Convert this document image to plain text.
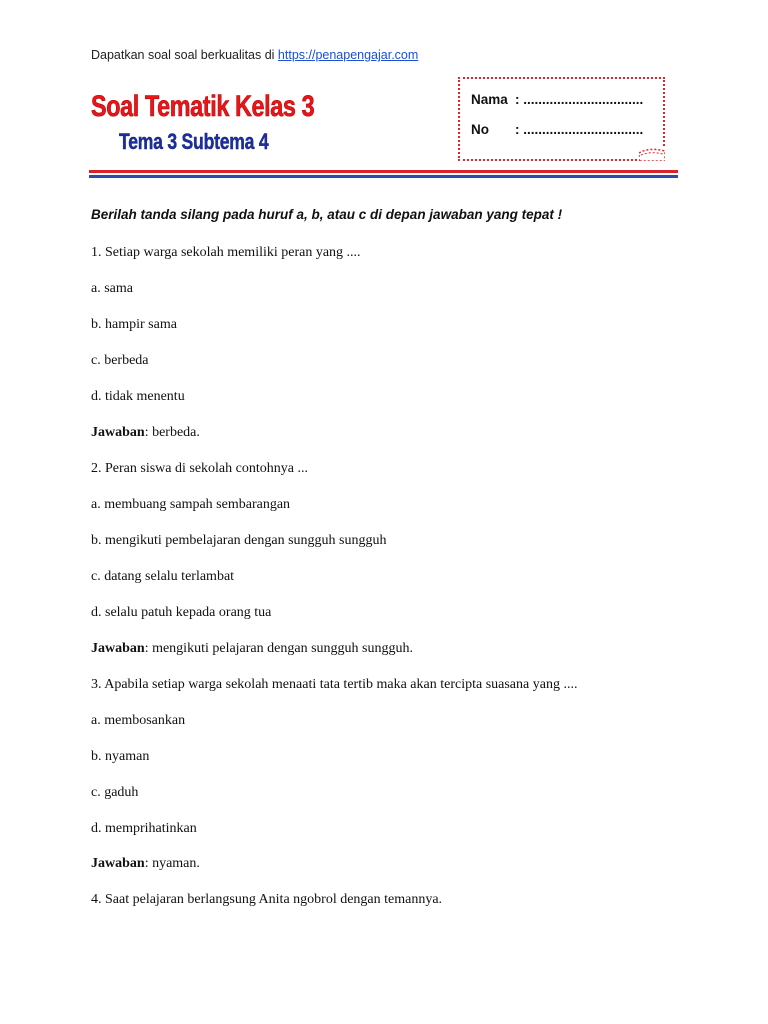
Dapatkan soal soal berkualitas di https://penapengajar.com
Soal Tematik Kelas 3
Tema 3 Subtema 4
Nama : ................................
No : ................................
Berilah tanda silang pada huruf a, b, atau c di depan jawaban yang tepat !
1. Setiap warga sekolah memiliki peran yang ....
a. sama
b. hampir sama
c. berbeda
d. tidak menentu
Jawaban: berbeda.
2. Peran siswa di sekolah contohnya ...
a. membuang sampah sembarangan
b. mengikuti pembelajaran dengan sungguh sungguh
c. datang selalu terlambat
d. selalu patuh kepada orang tua
Jawaban: mengikuti pelajaran dengan sungguh sungguh.
3. Apabila setiap warga sekolah menaati tata tertib maka akan tercipta suasana yang ....
a. membosankan
b. nyaman
c. gaduh
d. memprihatinkan
Jawaban: nyaman.
4. Saat pelajaran berlangsung Anita ngobrol dengan temannya.
